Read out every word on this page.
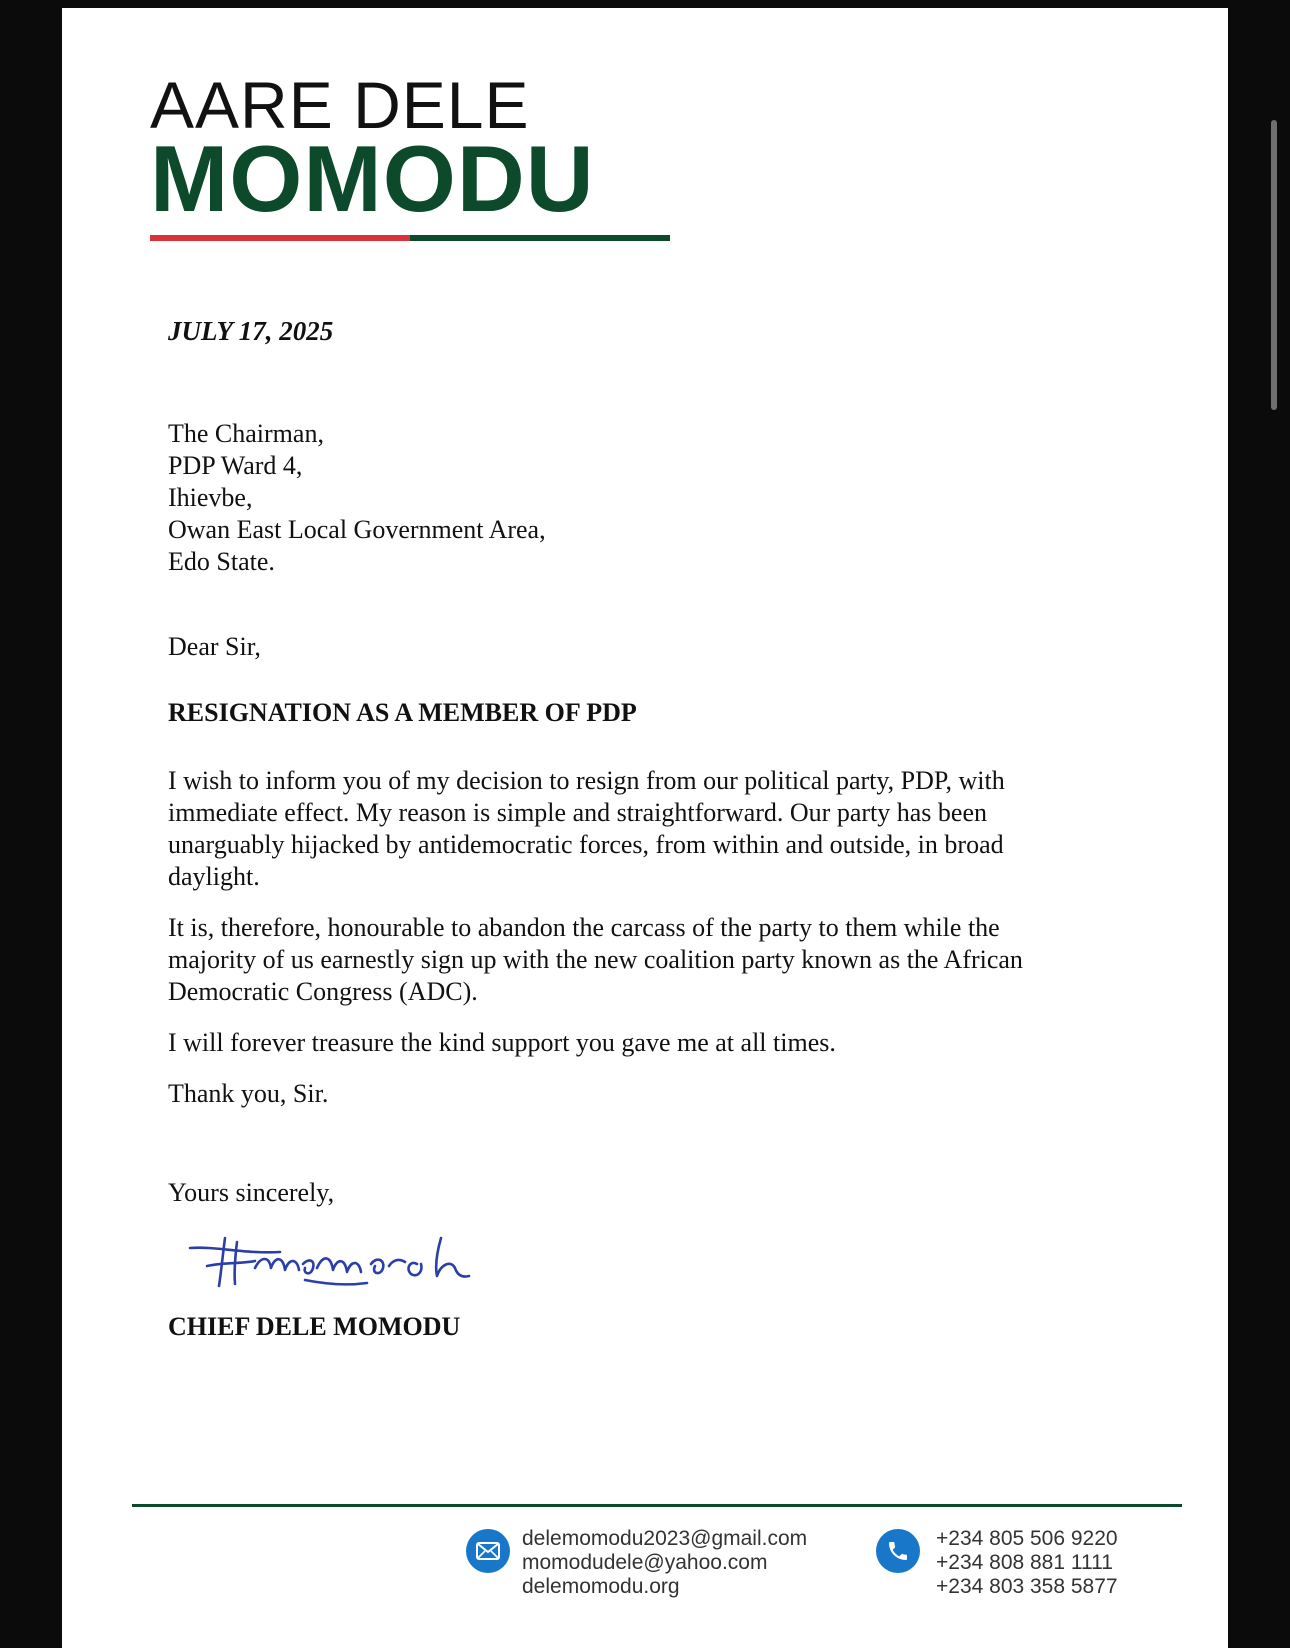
AARE DELE
MOMODU
JULY 17, 2025
The Chairman,
PDP Ward 4,
Ihievbe,
Owan East Local Government Area,
Edo State.
Dear Sir,
RESIGNATION AS A MEMBER OF PDP

I wish to inform you of my decision to resign from our political party, PDP, with immediate effect. My reason is simple and straightforward. Our party has been unarguably hijacked by antidemocratic forces, from within and outside, in broad daylight.

It is, therefore, honourable to abandon the carcass of the party to them while the majority of us earnestly sign up with the new coalition party known as the African Democratic Congress (ADC).

I will forever treasure the kind support you gave me at all times.

Thank you, Sir.

Yours sincerely,
CHIEF DELE MOMODU
delemomodu2023@gmail.com
momodudele@yahoo.com
delemomodu.org
+234 805 506 9220
+234 808 881 1111
+234 803 358 5877
